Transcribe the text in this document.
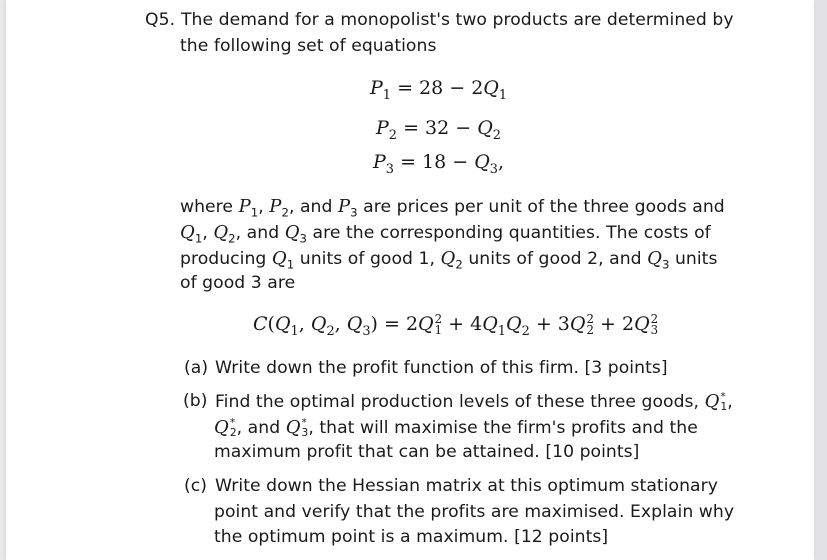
Q5. The demand for a monopolist's two products are determined by
the following set of equations
$P_1 = 28 - 2Q_1$
$P_2 = 32 - Q_2$
$P_3 = 18 - Q_3$,
where $P_1$, $P_2$, and $P_3$ are prices per unit of the three goods and
$Q_1$, $Q_2$, and $Q_3$ are the corresponding quantities. The costs of
producing $Q_1$ units of good 1, $Q_2$ units of good 2, and $Q_3$ units
of good 3 are
$C(Q_1$, $Q_2$, $Q_3) = 2Q$ 2
$1 + 4Q_1Q_2 + 3Q$ 2
2 + 2Q 2
3
(a) Write down the profit function of this firm. [3 points]
(b) Find the optimal production levels of these three goods, Q *
1 ,
Q *
2 , and Q *
3 , that will maximise the firm's profits and the
maximum profit that can be attained. [10 points]
(c) Write down the Hessian matrix at this optimum stationary
point and verify that the profits are maximised. Explain why
the optimum point is a maximum. [12 points]
